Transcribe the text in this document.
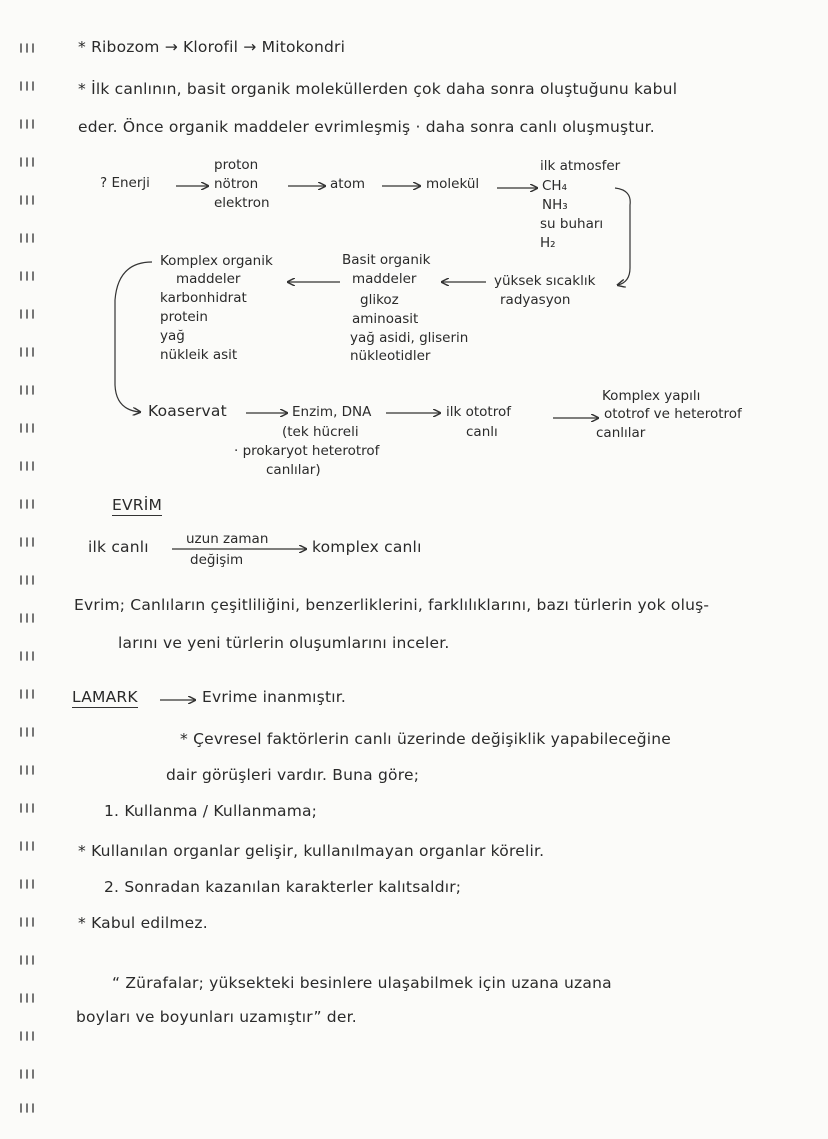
* Ribozom → Klorofil → Mitokondri
* İlk canlının, basit organik moleküllerden çok daha sonra oluştuğunu kabul
eder. Önce organik maddeler evrimleşmiş · daha sonra canlı oluşmuştur.
? Enerji
proton
nötron
elektron
atom	molekül
ilk atmosfer
CH₄
NH₃
su buharı
H₂
yüksek sıcaklık
radyasyon
Basit organik
maddeler
glikoz
aminoasit
yağ asidi, gliserin
nükleotidler
Komplex organik
maddeler
karbonhidrat
protein
yağ
nükleik asit
Koaservat	Enzim, DNA
(tek hücreli
· prokaryot heterotrof
canlılar)
ilk ototrof
canlı
Komplex yapılı
ototrof ve heterotrof
canlılar
EVRİM
ilk canlı	uzun zaman
değişim
komplex canlı
Evrim; Canlıların çeşitliliğini, benzerliklerini, farklılıklarını, bazı türlerin yok oluş-
larını ve yeni türlerin oluşumlarını inceler.
LAMARK	Evrime inanmıştır.
* Çevresel faktörlerin canlı üzerinde değişiklik yapabileceğine
dair görüşleri vardır. Buna göre;
1. Kullanma / Kullanmama;
* Kullanılan organlar gelişir, kullanılmayan organlar körelir.
2. Sonradan kazanılan karakterler kalıtsaldır;
* Kabul edilmez.
“ Zürafalar; yüksekteki besinlere ulaşabilmek için uzana uzana
boyları ve boyunları uzamıştır” der.
